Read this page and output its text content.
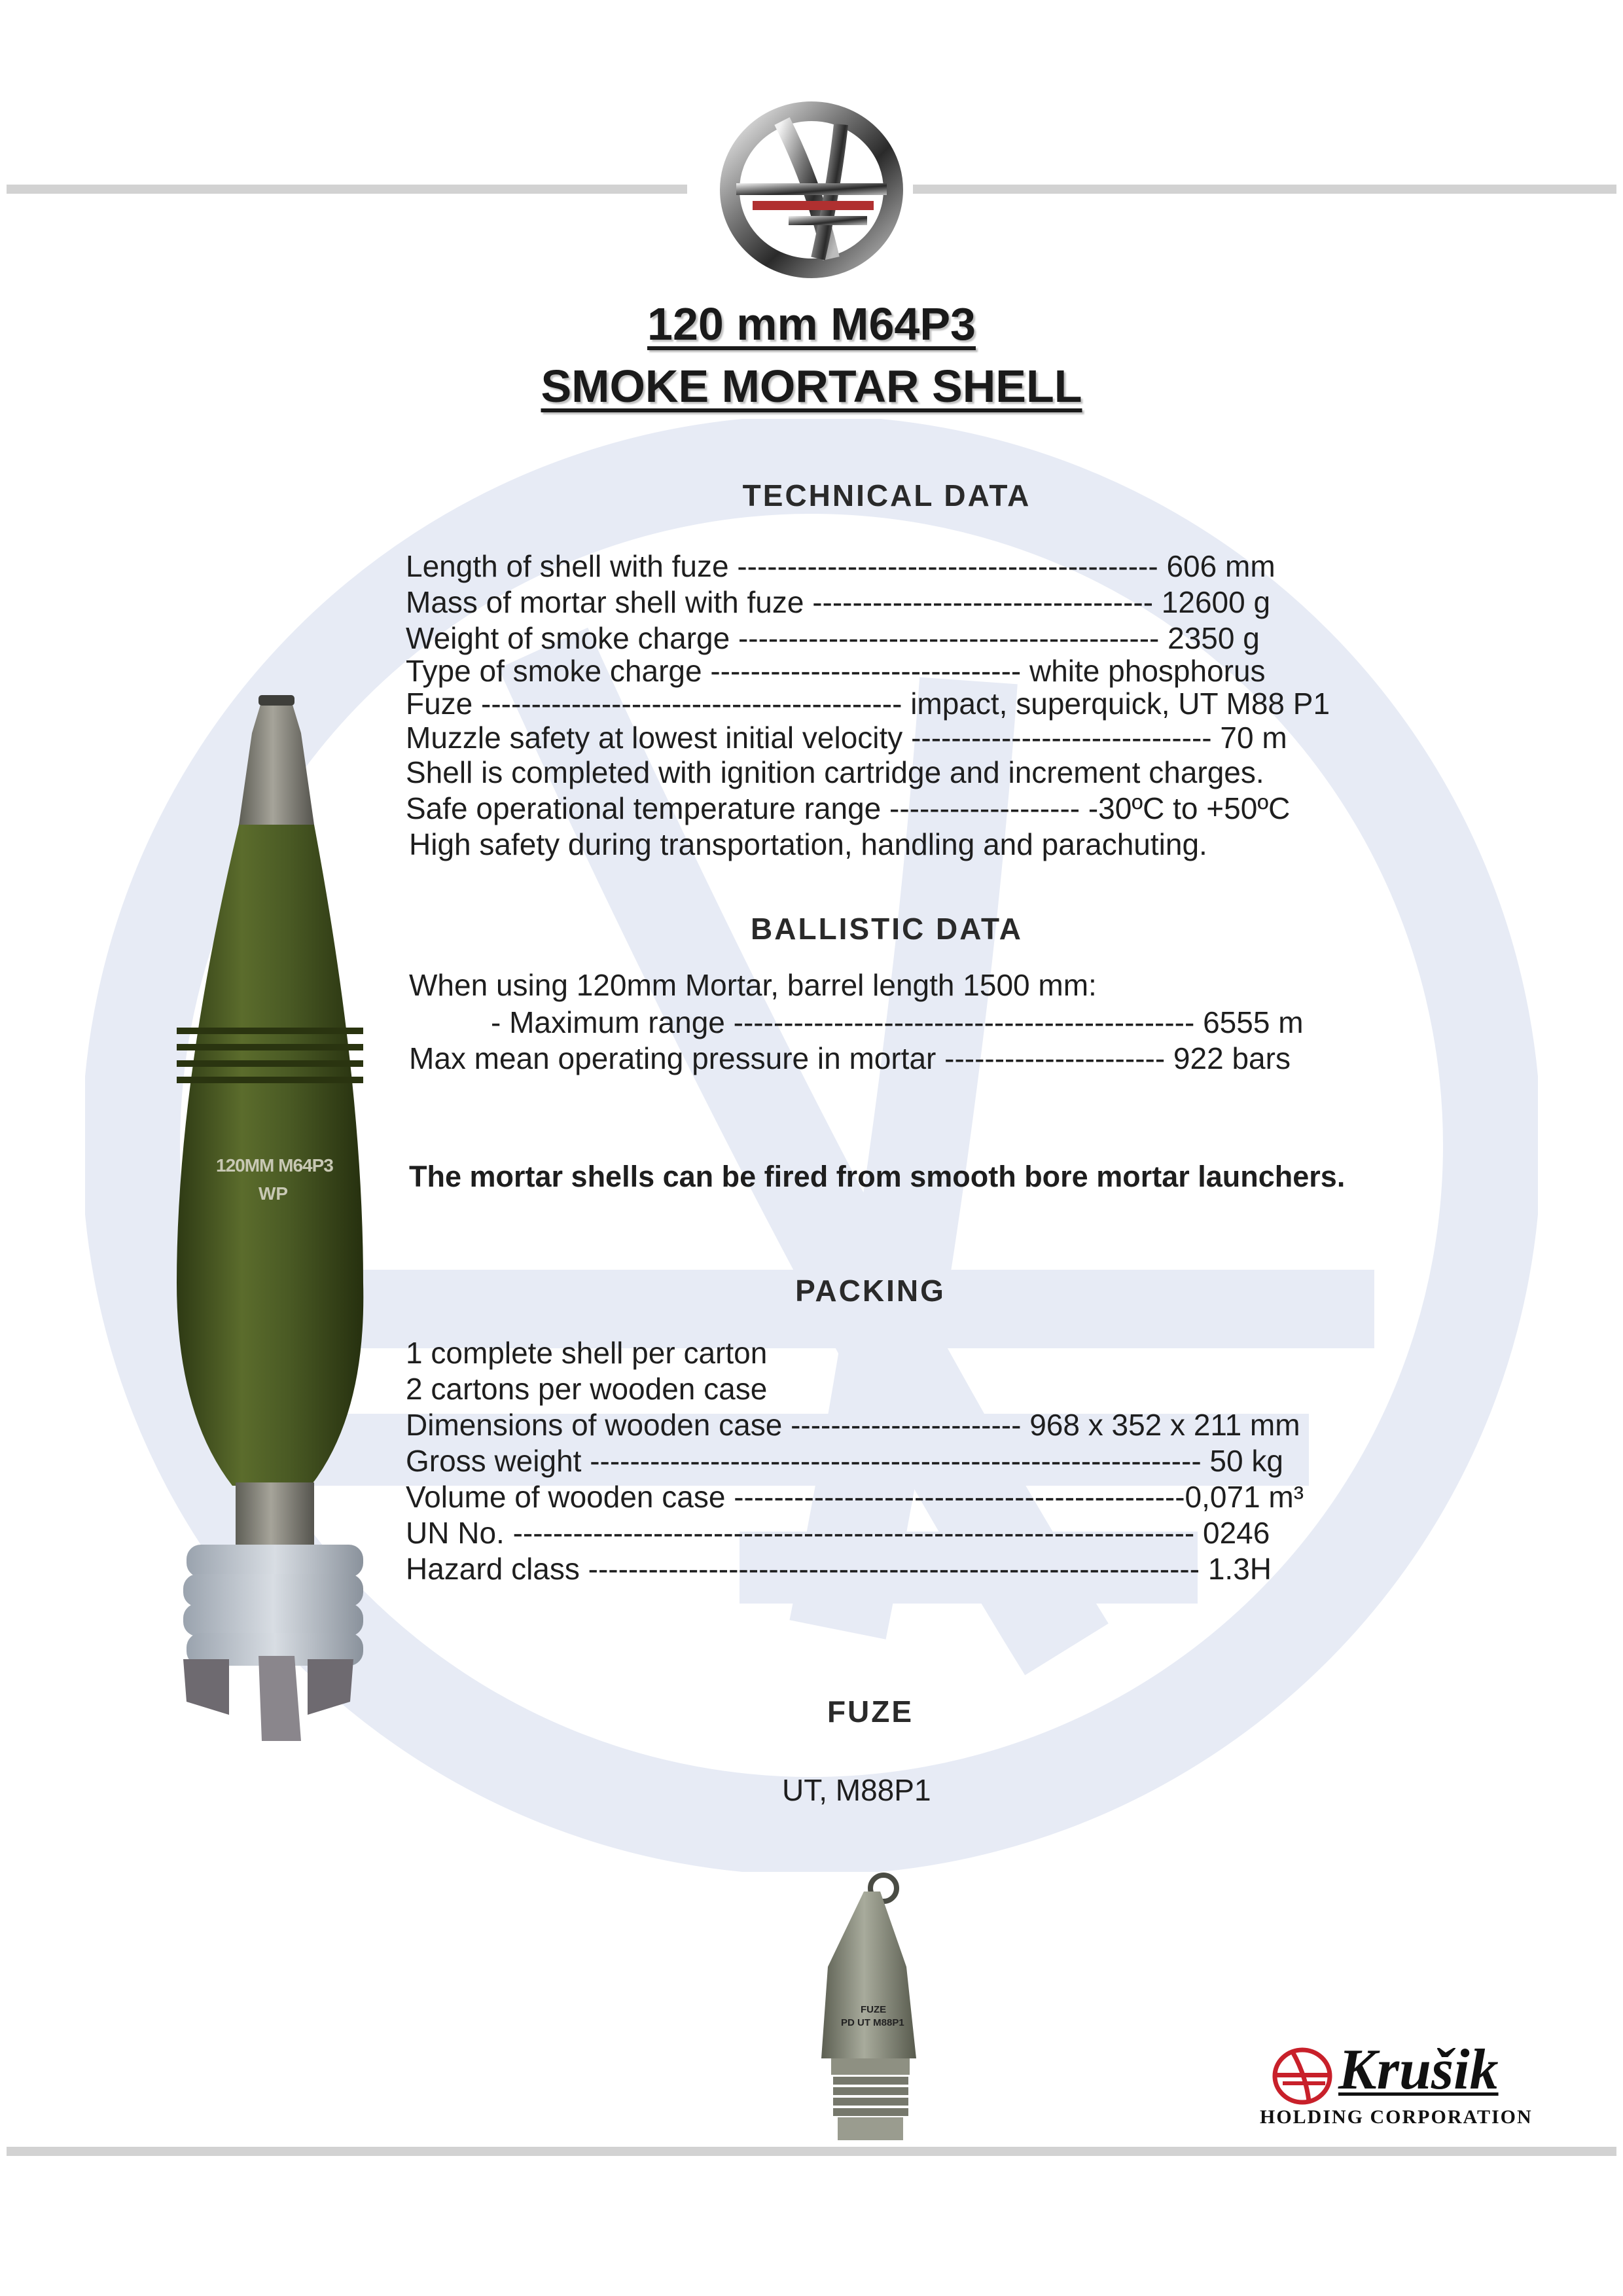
120 mm M64P3
SMOKE MORTAR SHELL
TECHNICAL DATA
Length of shell with fuze ------------------------------------------ 606 mm
Mass of mortar shell with fuze ---------------------------------- 12600 g
Weight of smoke charge ------------------------------------------ 2350 g
Type of smoke charge ------------------------------- white phosphorus
Fuze ------------------------------------------ impact, superquick, UT M88 P1
Muzzle safety at lowest initial velocity ------------------------------ 70 m
Shell is completed with ignition cartridge and increment charges.
Safe operational temperature range ------------------- -30ºC to +50ºC
High safety during transportation, handling and parachuting.
BALLISTIC DATA
When using 120mm Mortar, barrel length 1500 mm:
- Maximum range ---------------------------------------------- 6555 m
Max mean operating pressure in mortar ---------------------- 922 bars
The mortar shells can be fired from smooth bore mortar launchers.
PACKING
1 complete shell per carton
2 cartons per wooden case
Dimensions of wooden case ----------------------- 968 x 352 x 211 mm
Gross weight ------------------------------------------------------------- 50 kg
Volume of wooden case ---------------------------------------------0,071 m³
UN No. -------------------------------------------------------------------- 0246
Hazard class ------------------------------------------------------------- 1.3H
FUZE
UT, M88P1
120MM M64P3
WP
FUZE
PD UT M88P1
Krušik
HOLDING CORPORATION
